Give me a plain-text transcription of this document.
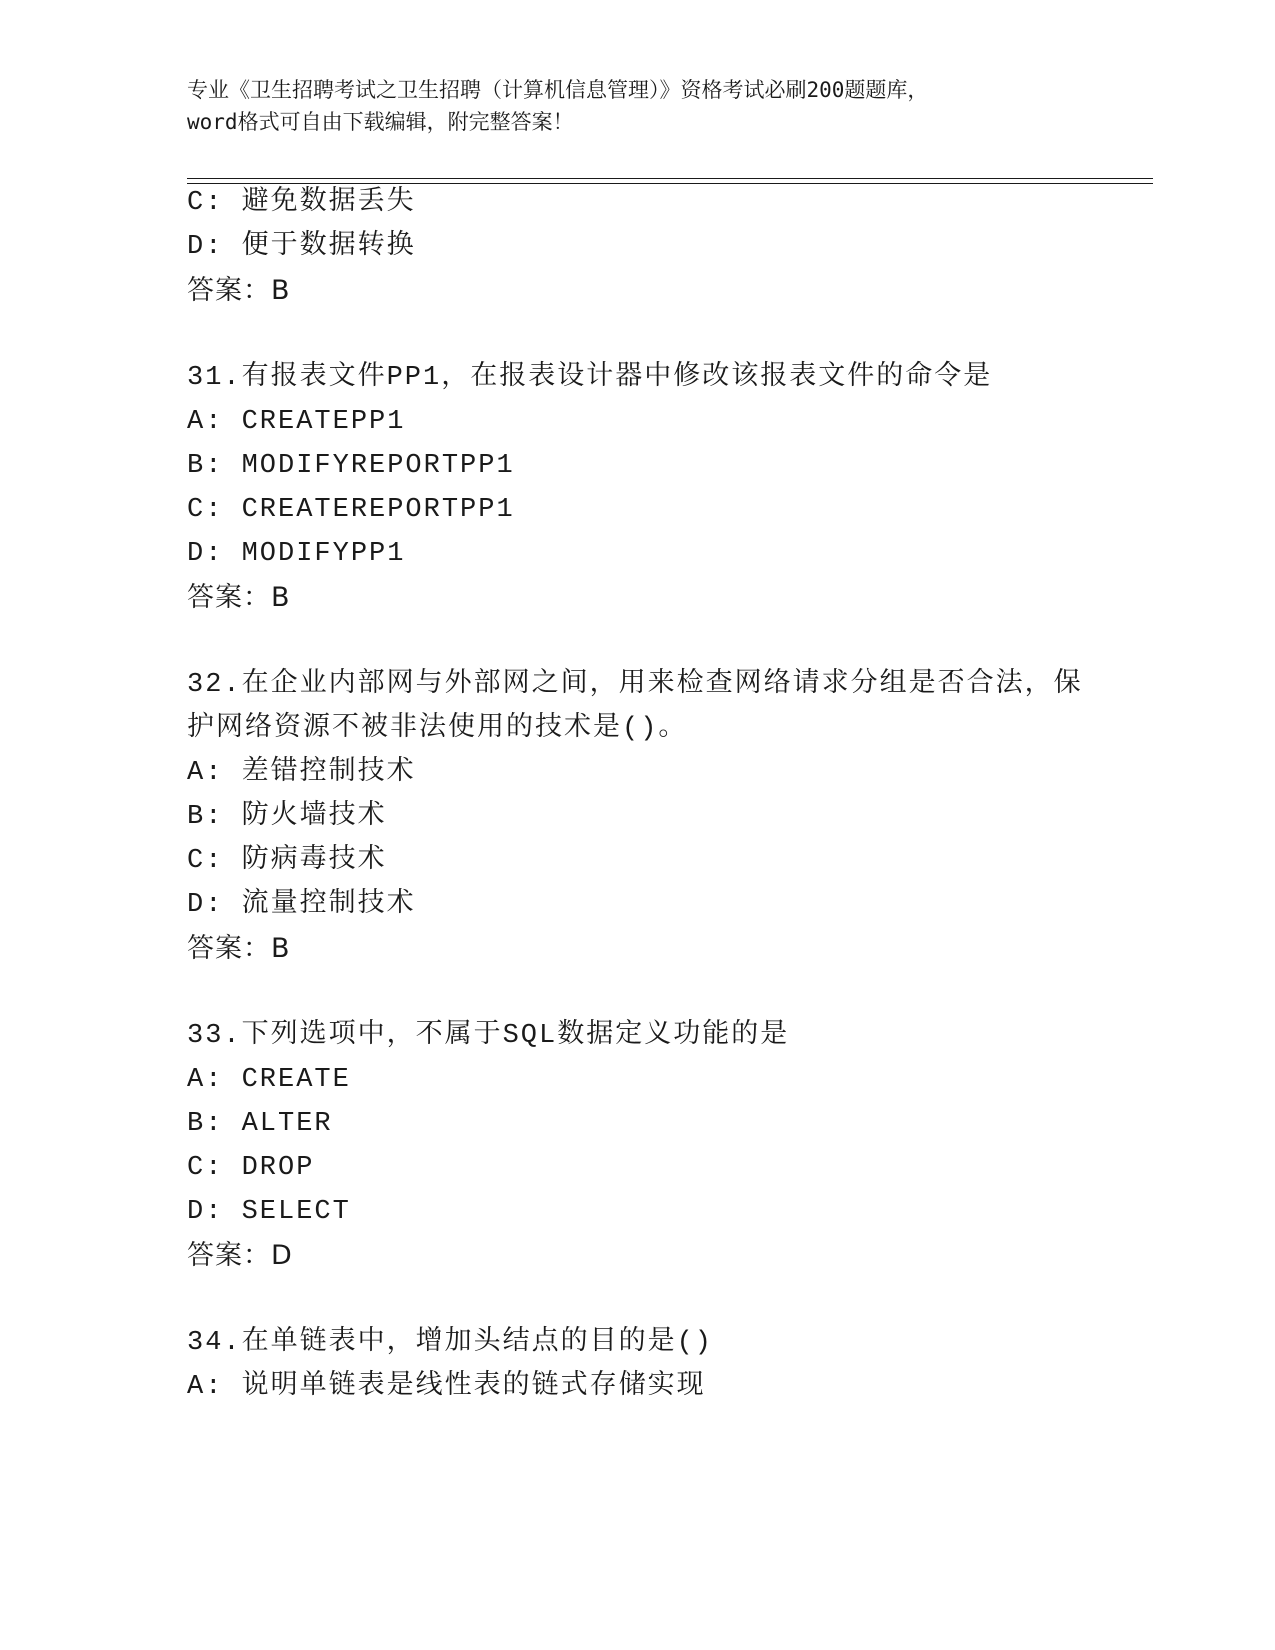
专业《卫生招聘考试之卫生招聘（计算机信息管理）》资格考试必刷200题题库，
word格式可自由下载编辑，附完整答案！
C: 避免数据丢失
D: 便于数据转换
答案：B
31.有报表文件PP1，在报表设计器中修改该报表文件的命令是
A: CREATEPP1
B: MODIFYREPORTPP1
C: CREATEREPORTPP1
D: MODIFYPP1
答案：B
32.在企业内部网与外部网之间，用来检查网络请求分组是否合法，保
护网络资源不被非法使用的技术是()。
A: 差错控制技术
B: 防火墙技术
C: 防病毒技术
D: 流量控制技术
答案：B
33.下列选项中，不属于SQL数据定义功能的是
A: CREATE
B: ALTER
C: DROP
D: SELECT
答案：D
34.在单链表中，增加头结点的目的是()
A: 说明单链表是线性表的链式存储实现
